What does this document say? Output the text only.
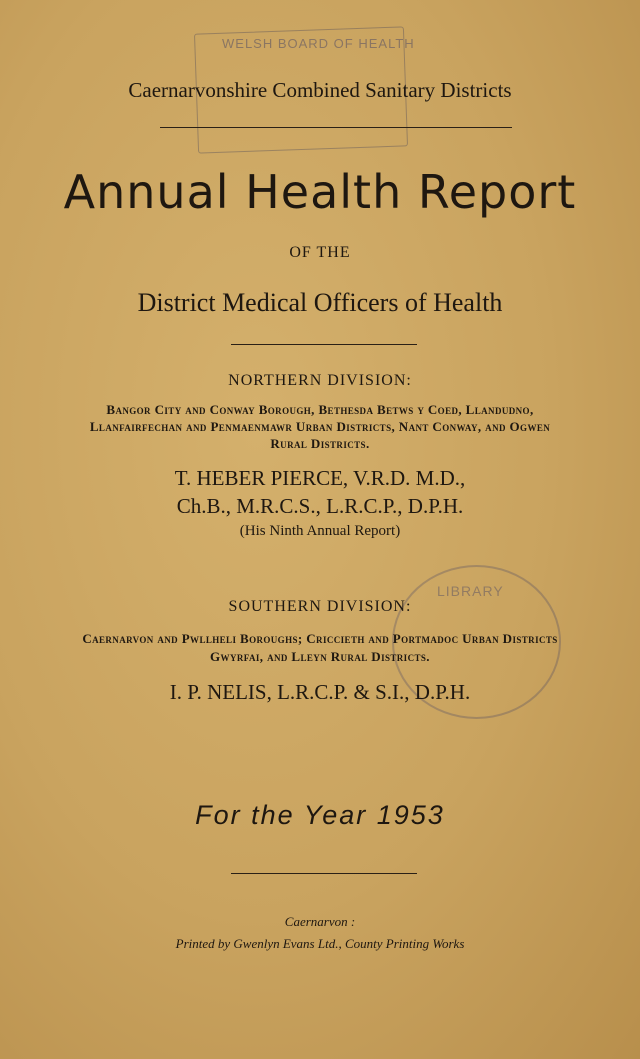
WELSH BOARD OF HEALTH
LIBRARY
Caernarvonshire Combined Sanitary Districts
Annual Health Report
OF THE
District Medical Officers of Health
NORTHERN DIVISION:
Bangor City and Conway Borough, Bethesda Betws y Coed, Llandudno,
Llanfairfechan and Penmaenmawr Urban Districts, Nant Conway, and Ogwen
Rural Districts.
T. HEBER PIERCE, V.R.D. M.D.,
Ch.B., M.R.C.S., L.R.C.P., D.P.H.
(His Ninth Annual Report)
SOUTHERN DIVISION:
Caernarvon and Pwllheli Boroughs; Criccieth and Portmadoc Urban Districts
Gwyrfai, and Lleyn Rural Districts.
I. P. NELIS, L.R.C.P. & S.I., D.P.H.
For the Year 1953
Caernarvon :
Printed by Gwenlyn Evans Ltd., County Printing Works
